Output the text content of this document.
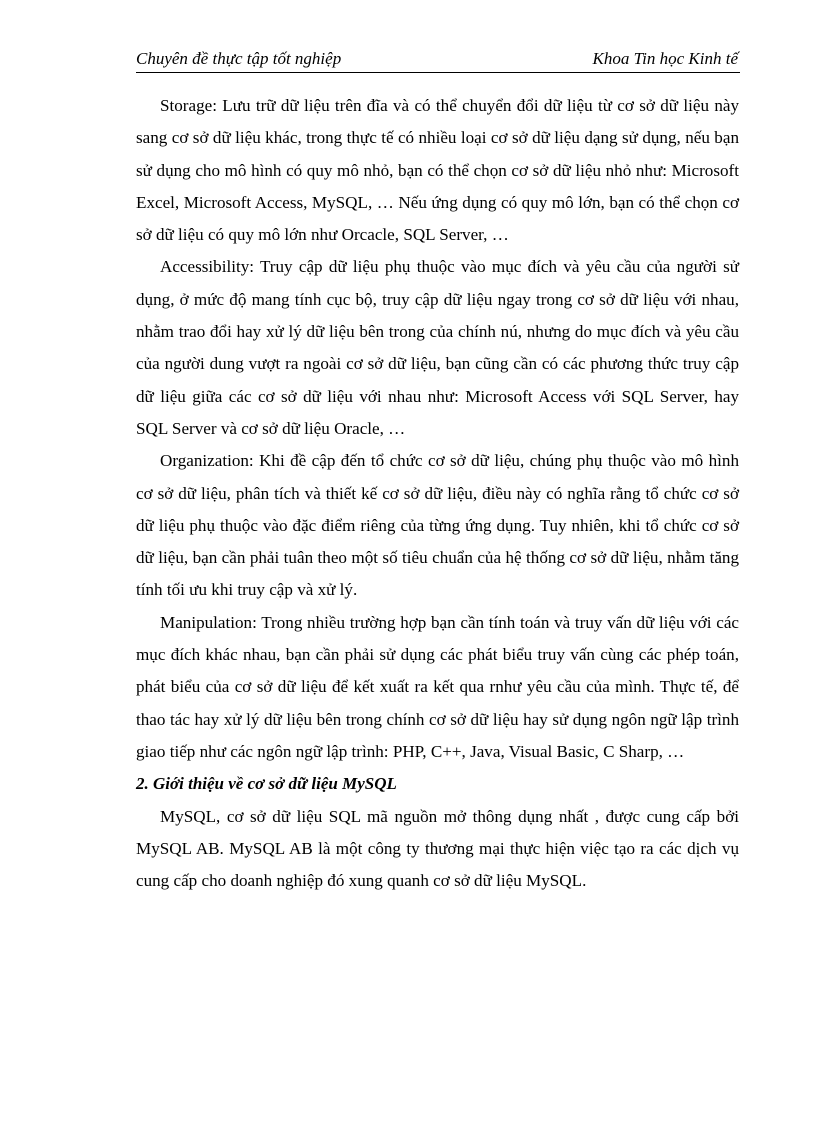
Chuyên đề thực tập tốt nghiệp	Khoa Tin học Kinh tế

Storage: Lưu trữ dữ liệu trên đĩa và có thể chuyển đổi dữ liệu từ cơ sở dữ liệu này sang cơ sở dữ liệu khác, trong thực tế có nhiều loại cơ sở dữ liệu dạng sử dụng, nếu bạn sử dụng cho mô hình có quy mô nhỏ, bạn có thể chọn cơ sở dữ liệu nhỏ như: Microsoft Excel, Microsoft Access, MySQL, … Nếu ứng dụng có quy mô lớn, bạn có thể chọn cơ sở dữ liệu có quy mô lớn như Orcacle, SQL Server, …

Accessibility: Truy cập dữ liệu phụ thuộc vào mục đích và yêu cầu của người sử dụng, ở mức độ mang tính cục bộ, truy cập dữ liệu ngay trong cơ sở dữ liệu với nhau, nhằm trao đổi hay xử lý dữ liệu bên trong của chính nú, nhưng do mục đích và yêu cầu của người dung vượt ra ngoài cơ sở dữ liệu, bạn cũng cần có các phương thức truy cập dữ liệu giữa các cơ sở dữ liệu với nhau như: Microsoft Access với SQL Server, hay SQL Server và cơ sở dữ liệu Oracle, …

Organization: Khi đề cập đến tổ chức cơ sở dữ liệu, chúng phụ thuộc vào mô hình cơ sở dữ liệu, phân tích và thiết kế cơ sở dữ liệu, điều này có nghĩa rằng tổ chức cơ sở dữ liệu phụ thuộc vào đặc điểm riêng của từng ứng dụng. Tuy nhiên, khi tổ chức cơ sở dữ liệu, bạn cần phải tuân theo một số tiêu chuẩn của hệ thống cơ sở dữ liệu, nhằm tăng tính tối ưu khi truy cập và xử lý.

Manipulation: Trong nhiều trường hợp bạn cần tính toán và truy vấn dữ liệu với các mục đích khác nhau, bạn cần phải sử dụng các phát biểu truy vấn cùng các phép toán, phát biểu của cơ sở dữ liệu để kết xuất ra kết qua rnhư yêu cầu của mình. Thực tế, để thao tác hay xử lý dữ liệu bên trong chính cơ sở dữ liệu hay sử dụng ngôn ngữ lập trình giao tiếp như các ngôn ngữ lập trình: PHP, C++, Java, Visual Basic, C Sharp, …

2. Giới thiệu về cơ sở dữ liệu MySQL

MySQL, cơ sở dữ liệu SQL mã nguồn mở thông dụng nhất , được cung cấp bởi MySQL AB. MySQL AB là một công ty thương mại thực hiện việc tạo ra các dịch vụ cung cấp cho doanh nghiệp đó xung quanh cơ sở dữ liệu MySQL.
